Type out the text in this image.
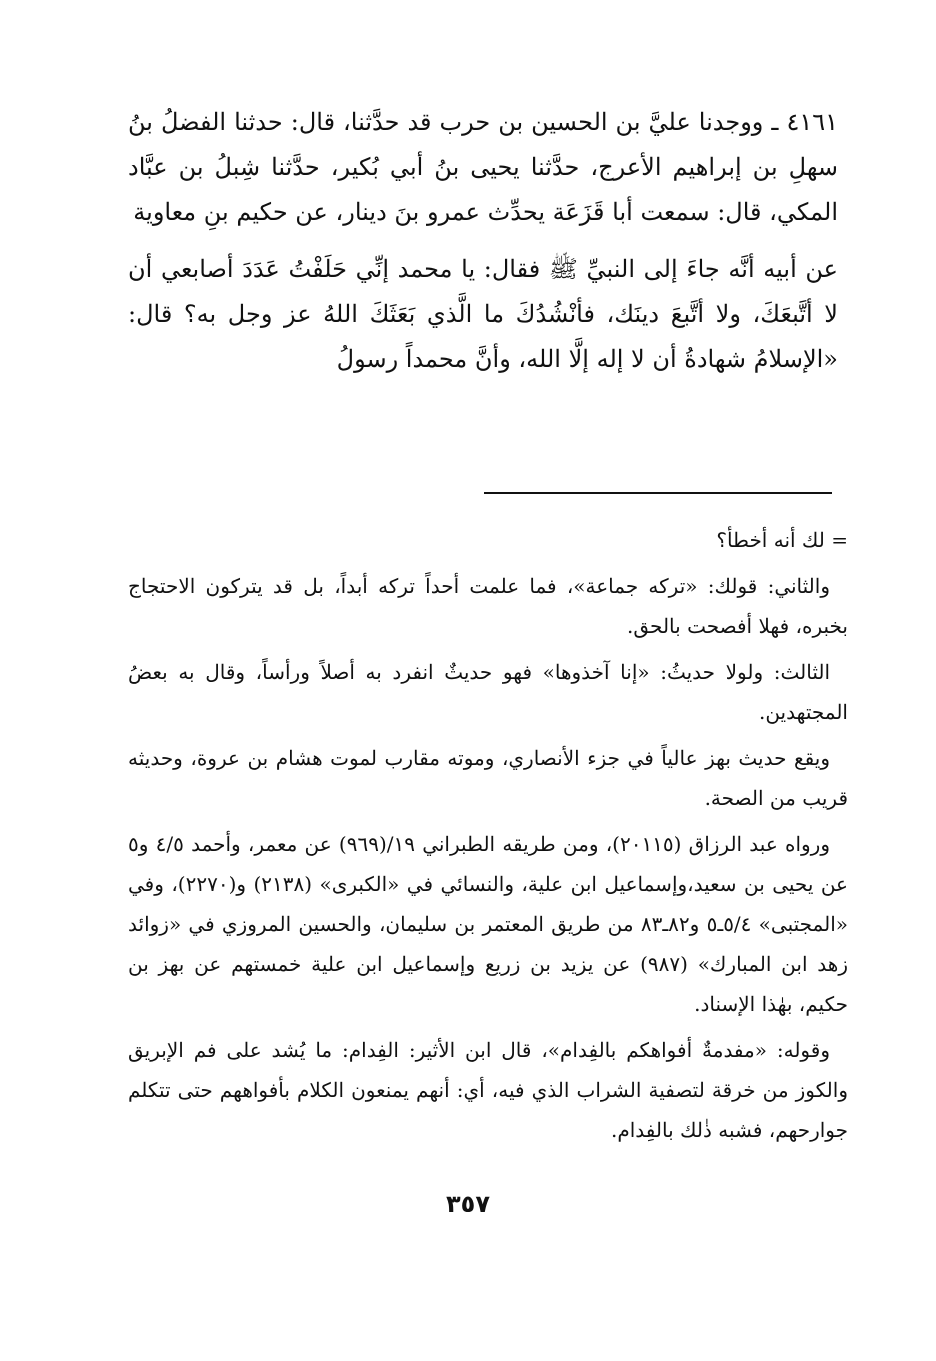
٤١٦١ ـ ووجدنا عليَّ بن الحسين بن حرب قد حدَّثنا، قال: حدثنا الفضلُ بنُ سهلِ بن إبراهيم الأعرج، حدَّثنا يحيى بنُ أبي بُكير، حدَّثنا شِبلُ بن عبَّاد المكي، قال: سمعت أبا قَزَعَة يحدِّث عمرو بنَ دينار، عن حكيم بنِ معاوية

عن أبيه أنَّه جاءَ إلى النبيِّ ﷺ فقال: يا محمد إنِّي حَلَفْتُ عَدَدَ أصابعي أن لا أتَّبعَكَ، ولا أتَّبعَ دينَك، فأنْشُدُكَ ما الَّذي بَعَثَكَ اللهُ عز وجل به؟ قال: «الإسلامُ شهادةُ أن لا إله إلَّا الله، وأنَّ محمداً رسولُ

= لك أنه أخطأ؟

والثاني: قولك: «تركه جماعة»، فما علمت أحداً تركه أبداً، بل قد يتركون الاحتجاج بخبره، فهلا أفصحت بالحق.

الثالث: ولولا حديثُ: «إنا آخذوها» فهو حديثٌ انفرد به أصلاً ورأساً، وقال به بعضُ المجتهدين.

ويقع حديث بهز عالياً في جزء الأنصاري، وموته مقارب لموت هشام بن عروة، وحديثه قريب من الصحة.

ورواه عبد الرزاق (٢٠١١٥)، ومن طريقه الطبراني ١٩/(٩٦٩) عن معمر، وأحمد ٤/٥ و٥ عن يحيى بن سعيد،وإسماعيل ابن علية، والنسائي في «الكبرى» (٢١٣٨) و(٢٢٧٠)، وفي «المجتبى» ٥/٤ـ٥ و٨٢ـ٨٣ من طريق المعتمر بن سليمان، والحسين المروزي في «زوائد زهد ابن المبارك» (٩٨٧) عن يزيد بن زريع وإسماعيل ابن علية خمستهم عن بهز بن حكيم، بهٰذا الإسناد.

وقوله: «مفدمةٌ أفواهكم بالفِدام»، قال ابن الأثير: الفِدام: ما يُشد على فم الإبريق والكوز من خرقة لتصفية الشراب الذي فيه، أي: أنهم يمنعون الكلام بأفواههم حتى تتكلم جوارحهم، فشبه ذٰلك بالفِدام.

٣٥٧
